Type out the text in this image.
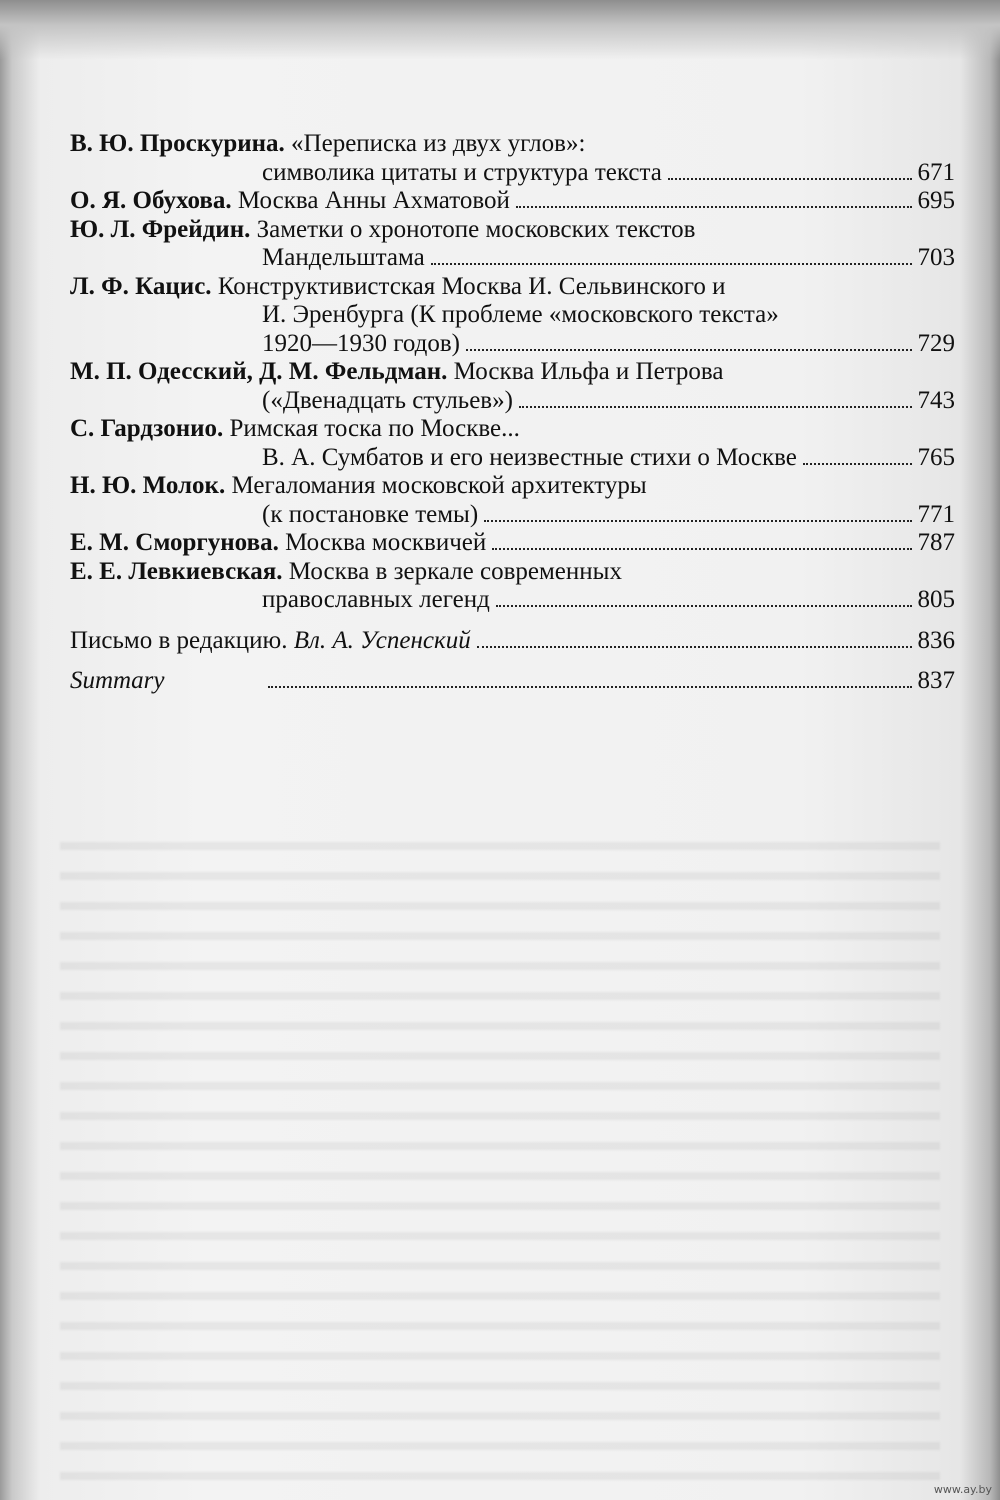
В. Ю. Проскурина.
«Переписка из двух углов»:
символика цитаты и структура текста	671
О. Я. Обухова.
Москва Анны Ахматовой	695
Ю. Л. Фрейдин.
Заметки о хронотопе московских текстов
Мандельштама	703
Л. Ф. Кацис.
Конструктивистская Москва И. Сельвинского и
И. Эренбурга (К проблеме «московского текста»
1920—1930 годов)	729
М. П. Одесский, Д. М. Фельдман.
Москва Ильфа и Петрова
(«Двенадцать стульев»)	743
С. Гардзонио.
Римская тоска по Москве...
В. А. Сумбатов и его неизвестные стихи о Москве	765
Н. Ю. Молок.
Мегаломания московской архитектуры
(к постановке темы)	771
Е. М. Сморгунова.
Москва москвичей	787
Е. Е. Левкиевская.
Москва в зеркале современных
православных легенд	805
Письмо в редакцию.
Вл. А. Успенский	836
Summary	837
www.ay.by
